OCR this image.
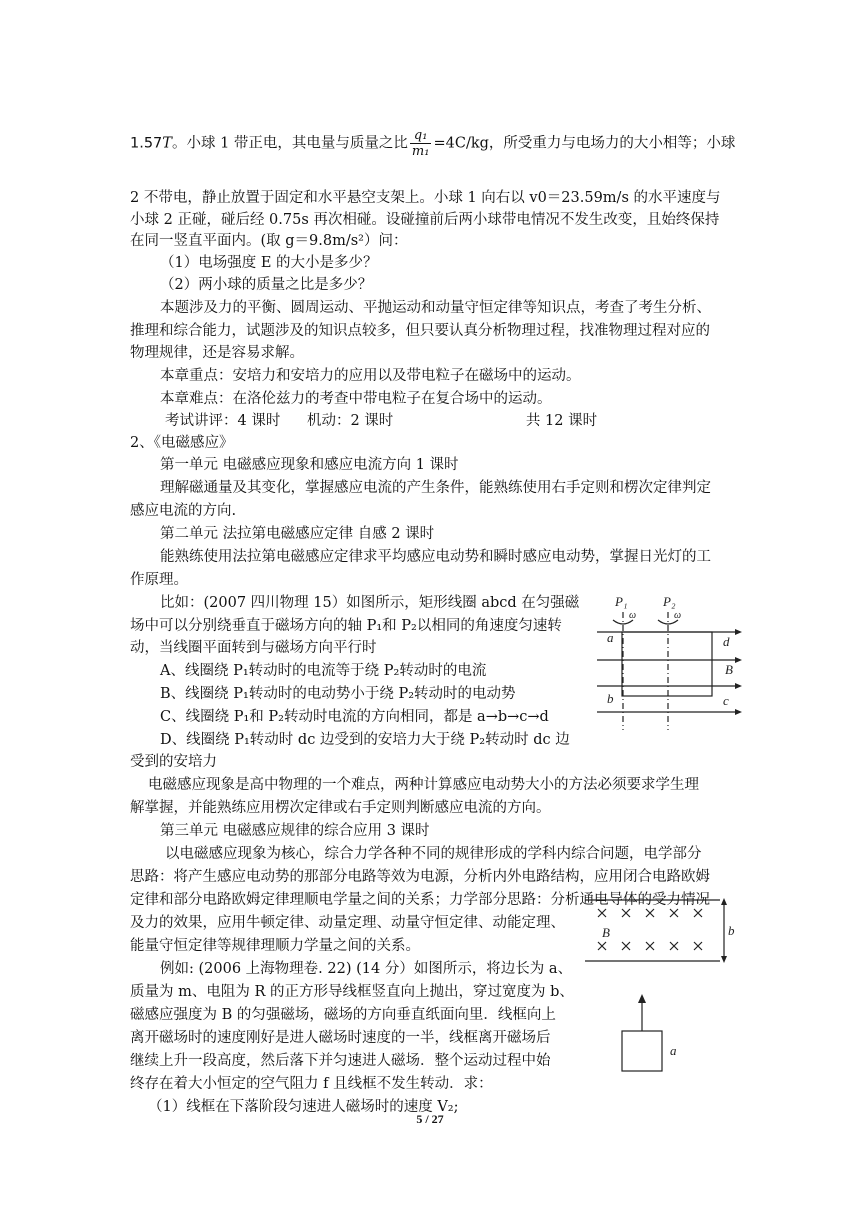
1.57T。小球 1 带正电，其电量与质量之比 $\frac{\text{q₁}}{\text{m₁}} =4C/kg$，所受重力与电场力的大小相等；小球
2 不带电，静止放置于固定和水平悬空支架上。小球 1 向右以 v0＝23.59m/s 的水平速度与
小球 2 正碰，碰后经 0.75s 再次相碰。设碰撞前后两小球带电情况不发生改变，且始终保持
在同一竖直平面内。(取 g＝9.8m/s²）问：
（1）电场强度 E 的大小是多少？
（2）两小球的质量之比是多少？
本题涉及力的平衡、圆周运动、平抛运动和动量守恒定律等知识点，考查了考生分析、
推理和综合能力，试题涉及的知识点较多，但只要认真分析物理过程，找准物理过程对应的
物理规律，还是容易求解。
本章重点：安培力和安培力的应用以及带电粒子在磁场中的运动。
本章难点：在洛伦兹力的考查中带电粒子在复合场中的运动。
考试讲评：4 课时 机动：2 课时	共 12 课时
2、《电磁感应》
第一单元 电磁感应现象和感应电流方向 1 课时
理解磁通量及其变化，掌握感应电流的产生条件，能熟练使用右手定则和楞次定律判定
感应电流的方向.
第二单元 法拉第电磁感应定律 自感 2 课时
能熟练使用法拉第电磁感应定律求平均感应电动势和瞬时感应电动势，掌握日光灯的工
作原理。
比如：(2007 四川物理 15）如图所示，矩形线圈 abcd 在匀强磁
场中可以分别绕垂直于磁场方向的轴 P₁和 P₂以相同的角速度匀速转
动，当线圈平面转到与磁场方向平行时
A、线圈绕 P₁转动时的电流等于绕 P₂转动时的电流
B、线圈绕 P₁转动时的电动势小于绕 P₂转动时的电动势
C、线圈绕 P₁和 P₂转动时电流的方向相同，都是 a→b→c→d
D、线圈绕 P₁转动时 dc 边受到的安培力大于绕 P₂转动时 dc 边
受到的安培力
电磁感应现象是高中物理的一个难点，两种计算感应电动势大小的方法必须要求学生理
解掌握，并能熟练应用楞次定律或右手定则判断感应电流的方向。
第三单元 电磁感应规律的综合应用 3 课时
以电磁感应现象为核心，综合力学各种不同的规律形成的学科内综合问题，电学部分
思路：将产生感应电动势的那部分电路等效为电源，分析内外电路结构，应用闭合电路欧姆
定律和部分电路欧姆定律理顺电学量之间的关系；力学部分思路：分析通电导体的受力情况
及力的效果，应用牛顿定律、动量定理、动量守恒定律、动能定理、
能量守恒定律等规律理顺力学量之间的关系。
例如: (2006 上海物理卷. 22) (14 分）如图所示，将边长为 a、
质量为 m、电阻为 R 的正方形导线框竖直向上抛出，穿过宽度为 b、
磁感应强度为 B 的匀强磁场，磁场的方向垂直纸面向里．线框向上
离开磁场时的速度刚好是进人磁场时速度的一半，线框离开磁场后
继续上升一段高度，然后落下并匀速进人磁场．整个运动过程中始
终存在着大小恒定的空气阻力 f 且线框不发生转动．求：
（1）线框在下落阶段匀速进人磁场时的速度 V₂;
P₁	P₂
ω	ω
a	d
B
b	c
B	b
a
5 / 27
